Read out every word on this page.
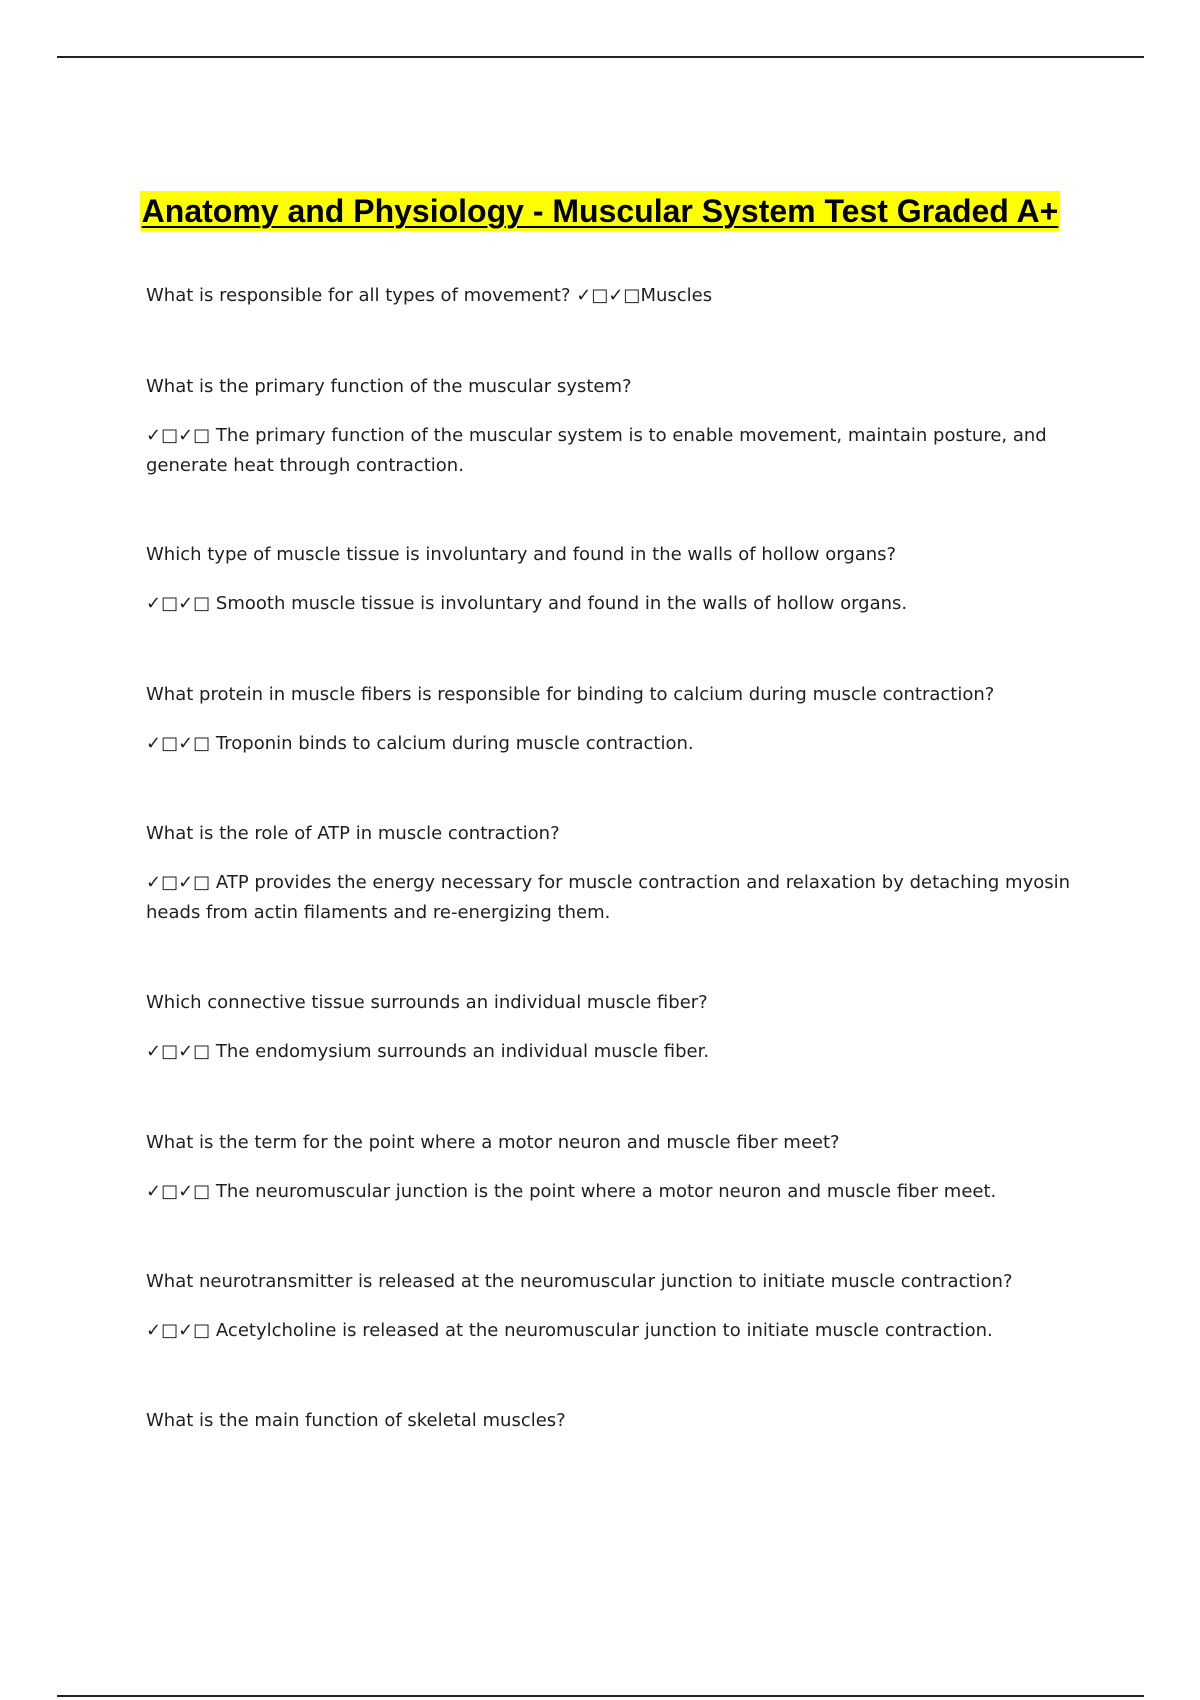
Anatomy and Physiology - Muscular System Test Graded A+
What is responsible for all types of movement? ✓□✓□Muscles
What is the primary function of the muscular system?
✓□✓□ The primary function of the muscular system is to enable movement, maintain posture, and generate heat through contraction.
Which type of muscle tissue is involuntary and found in the walls of hollow organs?
✓□✓□ Smooth muscle tissue is involuntary and found in the walls of hollow organs.
What protein in muscle fibers is responsible for binding to calcium during muscle contraction?
✓□✓□ Troponin binds to calcium during muscle contraction.
What is the role of ATP in muscle contraction?
✓□✓□ ATP provides the energy necessary for muscle contraction and relaxation by detaching myosin heads from actin filaments and re-energizing them.
Which connective tissue surrounds an individual muscle fiber?
✓□✓□ The endomysium surrounds an individual muscle fiber.
What is the term for the point where a motor neuron and muscle fiber meet?
✓□✓□ The neuromuscular junction is the point where a motor neuron and muscle fiber meet.
What neurotransmitter is released at the neuromuscular junction to initiate muscle contraction?
✓□✓□ Acetylcholine is released at the neuromuscular junction to initiate muscle contraction.
What is the main function of skeletal muscles?
